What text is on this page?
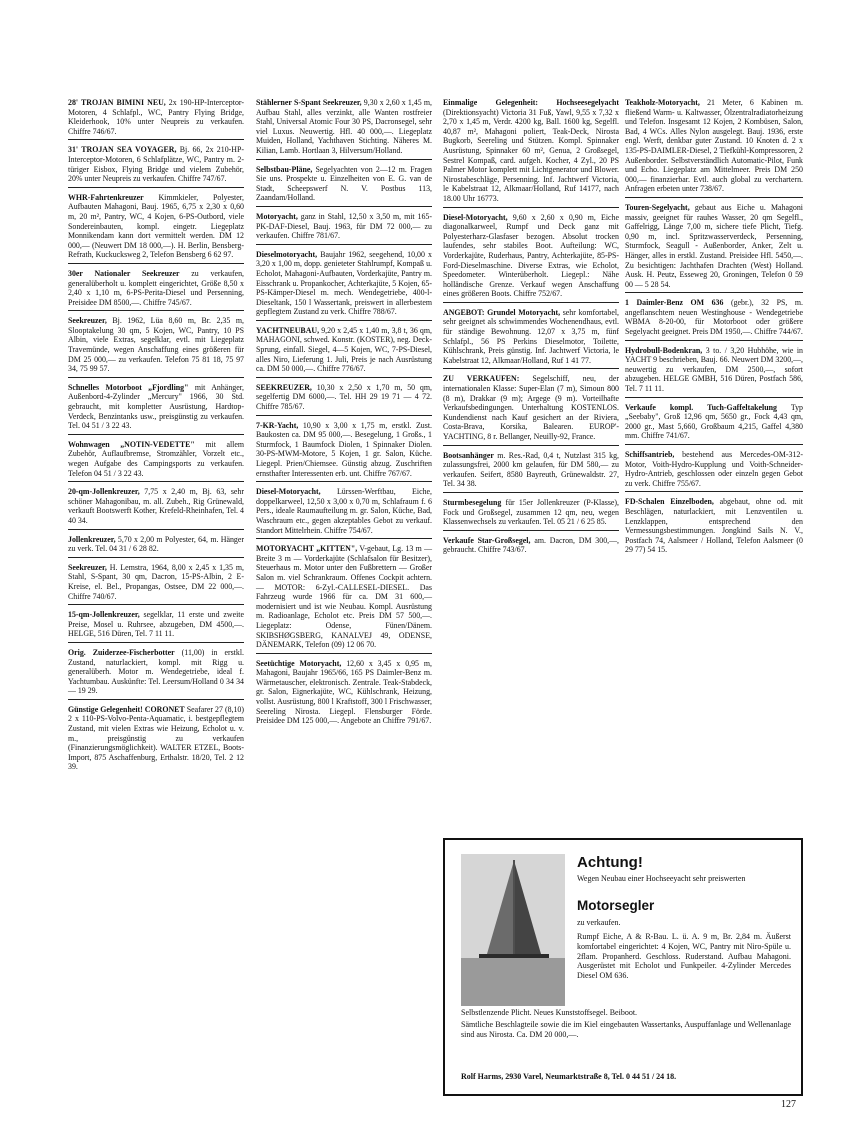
28' TROJAN BIMINI NEU, 2x 190-HP-Interceptor-Motoren, 4 Schlafpl., WC, Pantry Flying Bridge, Kleiderhook, 10% unter Neupreis zu verkaufen. Chiffre 746/67.
31' TROJAN SEA VOYAGER, Bj. 66, 2x 210-HP-Interceptor-Motoren, 6 Schlafplätze, WC, Pantry m. 2-türiger Eisbox, Flying Bridge und vielem Zubehör, 20% unter Neupreis zu verkaufen. Chiffre 747/67.
WHR-Fahrtenkreuzer Kimmkieler, Polyester, Aufbauten Mahagoni, Bauj. 1965, 6,75 x 2,30 x 0,60 m, 20 m², Pantry, WC, 4 Kojen, 6-PS-Outbord, viele Sondereinbauten, kompl. eingetr. Liegeplatz Monnikendam kann dort vermittelt werden. DM 12 000,— (Neuwert DM 18 000,—). H. Berlin, Bensberg-Refrath, Kuckucksweg 2, Telefon Bensberg 6 62 97.
30er Nationaler Seekreuzer zu verkaufen, generalüberholt u. komplett eingerichtet, Größe 8,50 x 2,40 x 1,10 m, 6-PS-Perita-Diesel und Persenning, Preisidee DM 8500,—. Chiffre 745/67.
Seekreuzer, Bj. 1962, Lüa 8,60 m, Br. 2,35 m, Slooptakelung 30 qm, 5 Kojen, WC, Pantry, 10 PS Albin, viele Extras, segelklar, evtl. mit Liegeplatz Travemünde, wegen Anschaffung eines größeren für DM 25 000,— zu verkaufen. Telefon 75 81 18, 75 97 34, 75 99 57.
Schnelles Motorboot „Fjordling" mit Anhänger, Außenbord-4-Zylinder „Mercury" 1966, 30 Std. gebraucht, mit kompletter Ausrüstung, Hardtop-Verdeck, Benzintanks usw., preisgünstig zu verkaufen. Tel. 04 51 / 3 22 43.
Wohnwagen „NOTIN-VEDETTE" mit allem Zubehör, Auflaufbremse, Stromzähler, Vorzelt etc., wegen Aufgabe des Campingsports zu verkaufen. Telefon 04 51 / 3 22 43.
20-qm-Jollenkreuzer, 7,75 x 2,40 m, Bj. 63, sehr schöner Mahagonibau, m. all. Zubeh., Rig Grünewald, verkauft Bootswerft Kother, Krefeld-Rheinhafen, Tel. 4 40 34.
Jollenkreuzer, 5,70 x 2,00 m Polyester, 64, m. Hänger zu verk. Tel. 04 31 / 6 28 82.
Seekreuzer, H. Lemstra, 1964, 8,00 x 2,45 x 1,35 m, Stahl, S-Spant, 30 qm, Dacron, 15-PS-Albin, 2 E-Kreise, el. Bel., Propangas, Ostsee, DM 22 000,—. Chiffre 740/67.
15-qm-Jollenkreuzer, segelklar, 11 erste und zweite Preise, Mosel u. Ruhrsee, abzugeben, DM 4500,—. HELGE, 516 Düren, Tel. 7 11 11.
Orig. Zuiderzee-Fischerbotter (11,00) in erstkl. Zustand, naturlackiert, kompl. mit Rigg u. generalüberh. Motor m. Wendegetriebe, ideal f. Yachtumbau. Auskünfte: Tel. Leersum/Holland 0 34 34 — 19 29.
Günstige Gelegenheit! CORONET Seafarer 27 (8,10) 2 x 110-PS-Volvo-Penta-Aquamatic, i. bestgepflegtem Zustand, mit vielen Extras wie Heizung, Echolot u. v. m., preisgünstig zu verkaufen (Finanzierungsmöglichkeit). WALTER ETZEL, Boots-Import, 875 Aschaffenburg, Erthalstr. 18/20, Tel. 2 12 39.
Stählerner S-Spant Seekreuzer, 9,30 x 2,60 x 1,45 m, Aufbau Stahl, alles verzinkt, alle Wanten rostfreier Stahl, Universal Atomic Four 30 PS, Dacronsegel, sehr viel Luxus. Neuwertig. Hfl. 40 000,—. Liegeplatz Muiden, Holland, Yachthaven Stichting. Näheres M. Kilian, Lamb. Hortlaan 3, Hilversum/Holland.
Selbstbau-Pläne, Segelyachten von 2—12 m. Fragen Sie uns. Prospekte u. Einzelheiten von E. G. van de Stadt, Scheepswerf N. V. Postbus 113, Zaandam/Holland.
Motoryacht, ganz in Stahl, 12,50 x 3,50 m, mit 165-PK-DAF-Diesel, Bauj. 1963, für DM 72 000,— zu verkaufen. Chiffre 781/67.
Dieselmotoryacht, Baujahr 1962, seegehend, 10,00 x 3,20 x 1,00 m, dopp. genieteter Stahlrumpf, Kompaß u. Echolot, Mahagoni-Aufbauten, Vorderkajüte, Pantry m. Eisschrank u. Propankocher, Achterkajüte, 5 Kojen, 65-PS-Kämper-Diesel m. mech. Wendegetriebe, 400-l-Dieseltank, 150 l Wassertank, preiswert in allerbestem gepflegtem Zustand zu verk. Chiffre 788/67.
YACHTNEUBAU, 9,20 x 2,45 x 1,40 m, 3,8 t, 36 qm, MAHAGONI, schwed. Konstr. (KOSTER), neg. Deck-Sprung, einfall. Siegel, 4—5 Kojen, WC, 7-PS-Diesel, alles Niro, Lieferung 1. Juli, Preis je nach Ausrüstung ca. DM 50 000,—. Chiffre 776/67.
SEEKREUZER, 10,30 x 2,50 x 1,70 m, 50 qm, segelfertig DM 6000,—. Tel. HH 29 19 71 — 4 72. Chiffre 785/67.
7-KR-Yacht, 10,90 x 3,00 x 1,75 m, erstkl. Zust. Baukosten ca. DM 95 000,—. Besegelung, 1 Großs., 1 Sturmfock, 1 Baumfock Diolen, 1 Spinnaker Diolen. 30-PS-MWM-Motore, 5 Kojen, 1 gr. Salon, Küche. Liegepl. Prien/Chiemsee. Günstig abzug. Zuschriften ernsthafter Interessenten erb. unt. Chiffre 767/67.
Diesel-Motoryacht, Lürssen-Werftbau, Eiche, doppelkarweel, 12,50 x 3,00 x 0,70 m, Schlafraum f. 6 Pers., ideale Raumaufteilung m. gr. Salon, Küche, Bad, Waschraum etc., gegen akzeptables Gebot zu verkauf. Standort Mittelrhein. Chiffre 754/67.
MOTORYACHT „KITTEN", V-gebaut, Lg. 13 m — Breite 3 m — Vorderkajüte (Schlafsalon für Besitzer), Steuerhaus m. Motor unter den Fußbrettern — Großer Salon m. viel Schrankraum. Offenes Cockpit achtern. — MOTOR: 6-Zyl.-CALLESEL-DIESEL. Das Fahrzeug wurde 1966 für ca. DM 31 600,— modernisiert und ist wie Neubau. Kompl. Ausrüstung m. Radioanlage, Echolot etc. Preis DM 57 500,—. Liegeplatz: Odense, Fünen/Dänem. SKIBSHØGSBERG, KANALVEJ 49, ODENSE, DÄNEMARK, Telefon (09) 12 06 70.
Seetüchtige Motoryacht, 12,60 x 3,45 x 0,95 m, Mahagoni, Baujahr 1965/66, 165 PS Daimler-Benz m. Wärmetauscher, elektronisch. Zentrale. Teak-Stabdeck, gr. Salon, Eignerkajüte, WC, Kühlschrank, Heizung, vollst. Ausrüstung, 800 l Kraftstoff, 300 l Frischwasser, Seereling Nirosta. Liegepl. Flensburger Förde. Preisidee DM 125 000,—. Angebote an Chiffre 791/67.
Einmalige Gelegenheit: Hochseesegelyacht (Direktionsyacht) Victoria 31 Fuß, Yawl, 9,55 x 7,32 x 2,70 x 1,45 m, Verdr. 4200 kg, Ball. 1600 kg, Segelfl. 40,87 m², Mahagoni poliert, Teak-Deck, Nirosta Bugkorb, Seereling und Stützen. Kompl. Spinnaker Ausrüstung, Spinnaker 60 m², Genua, 2 Großsegel, Sestrel Kompaß, card. aufgeh. Kocher, 4 Zyl., 20 PS Palmer Motor komplett mit Lichtgenerator und Blower. Nirostabeschläge, Persenning. Inf. Jachtwerf Victoria, le Kabelstraat 12, Alkmaar/Holland, Ruf 14177, nach 18.00 Uhr 16773.
Diesel-Motoryacht, 9,60 x 2,60 x 0,90 m, Eiche diagonalkarweel, Rumpf und Deck ganz mit Polyesterharz-Glasfaser bezogen. Absolut trocken laufendes, sehr stabiles Boot. Aufteilung: WC, Vorderkajüte, Ruderhaus, Pantry, Achterkajüte, 85-PS-Ford-Dieselmaschine. Diverse Extras, wie Echolot, Speedometer. Winterüberholt. Liegepl.: Nähe holländische Grenze. Verkauf wegen Anschaffung eines größeren Boots. Chiffre 752/67.
ANGEBOT: Grundel Motoryacht, sehr komfortabel, sehr geeignet als schwimmendes Wochenendhaus, evtl. für ständige Bewohnung. 12,07 x 3,75 m, fünf Schlafpl., 56 PS Perkins Dieselmotor, Toilette, Kühlschrank, Preis günstig. Inf. Jachtwerf Victoria, le Kabelstraat 12, Alkmaar/Holland, Ruf 1 41 77.
ZU VERKAUFEN: Segelschiff, neu, der internationalen Klasse: Super-Elan (7 m), Simoun 800 (8 m), Drakkar (9 m); Argege (9 m). Vorteilhafte Verkaufsbedingungen. Unterhaltung KOSTENLOS. Kundendienst nach Kauf gesichert an der Riviera, Costa-Brava, Korsika, Balearen. EUROP'-YACHTING, 8 r. Bellanger, Neuilly-92, France.
Bootsanhänger m. Res.-Rad, 0,4 t, Nutzlast 315 kg, zulassungsfrei, 2000 km gelaufen, für DM 580,— zu verkaufen. Seifert, 8580 Bayreuth, Grünewaldstr. 27, Tel. 34 38.
Sturmbesegelung für 15er Jollenkreuzer (P-Klasse), Fock und Großsegel, zusammen 12 qm, neu, wegen Klassenwechsels zu verkaufen. Tel. 05 21 / 6 25 85.
Verkaufe Star-Großsegel, am. Dacron, DM 300,—, gebraucht. Chiffre 743/67.
Teakholz-Motoryacht, 21 Meter, 6 Kabinen m. fließend Warm- u. Kaltwasser, Ölzentralradiatorheizung und Telefon. Insgesamt 12 Kojen, 2 Kombüsen, Salon, Bad, 4 WCs. Alles Nylon ausgelegt. Bauj. 1936, erste engl. Werft, denkbar guter Zustand. 10 Knoten d. 2 x 135-PS-DAIMLER-Diesel, 2 Tiefkühl-Kompressoren, 2 Außenborder. Selbstverständlich Automatic-Pilot, Funk und Echo. Liegeplatz am Mittelmeer. Preis DM 250 000,— finanzierbar. Evtl. auch global zu verchartern. Anfragen erbeten unter 738/67.
Touren-Segelyacht, gebaut aus Eiche u. Mahagoni massiv, geeignet für rauhes Wasser, 20 qm Segelfl., Gaffelrigg, Länge 7,00 m, sichere tiefe Plicht, Tiefg. 0,90 m, incl. Spritzwasserverdeck, Persenning, Sturmfock, Seagull - Außenborder, Anker, Zelt u. Hänger, alles in erstkl. Zustand. Preisidee Hfl. 5450,—. Zu besichtigen: Jachthafen Drachten (West) Holland. Ausk. H. Peutz, Esseweg 20, Groningen, Telefon 0 59 00 — 5 28 54.
1 Daimler-Benz OM 636 (gebr.), 32 PS, m. angeflanschtem neuen Westinghouse - Wendegetriebe WBMA 8-20-00, für Motorboot oder größere Segelyacht geeignet. Preis DM 1950,—. Chiffre 744/67.
Hydrobull-Bodenkran, 3 to. / 3,20 Hubhöhe, wie in YACHT 9 beschrieben, Bauj. 66. Neuwert DM 3200,—, neuwertig zu verkaufen, DM 2500,—, sofort abzugeben. HELGE GMBH, 516 Düren, Postfach 586, Tel. 7 11 11.
Verkaufe kompl. Tuch-Gaffeltakelung Typ „Seebaby", Groß 12,96 qm, 5650 gr., Fock 4,43 qm, 2000 gr., Mast 5,660, Großbaum 4,215, Gaffel 4,380 mm. Chiffre 741/67.
Schiffsantrieb, bestehend aus Mercedes-OM-312-Motor, Voith-Hydro-Kupplung und Voith-Schneider-Hydro-Antrieb, geschlossen oder einzeln gegen Gebot zu verk. Chiffre 755/67.
FD-Schalen Einzelboden, abgebaut, ohne od. mit Beschlägen, naturlackiert, mit Lenzventilen u. Lenzklappen, entsprechend den Vermessungsbestimmungen. Jongkind Sails N. V., Postfach 74, Aalsmeer / Holland, Telefon Aalsmeer (0 29 77) 54 15.
Achtung!
Wegen Neubau einer Hochseeyacht sehr preiswerten
Motorsegler
zu verkaufen.
Rumpf Eiche, A & R-Bau. L. ü. A. 9 m, Br. 2,84 m. Äußerst komfortabel eingerichtet: 4 Kojen, WC, Pantry mit Niro-Spüle u. 2flam. Propanherd. Geschloss. Ruderstand. Aufbau Mahagoni. Ausgerüstet mit Echolot und Funkpeiler. 4-Zylinder Mercedes Diesel OM 636.
Selbstlenzende Plicht. Neues Kunststoffsegel. Beiboot.
Sämtliche Beschlagteile sowie die im Kiel eingebauten Wassertanks, Auspuffanlage und Wellenanlage sind aus Nirosta. Ca. DM 20 000,—.
Rolf Harms, 2930 Varel, Neumarktstraße 8, Tel. 0 44 51 / 24 18.
127
